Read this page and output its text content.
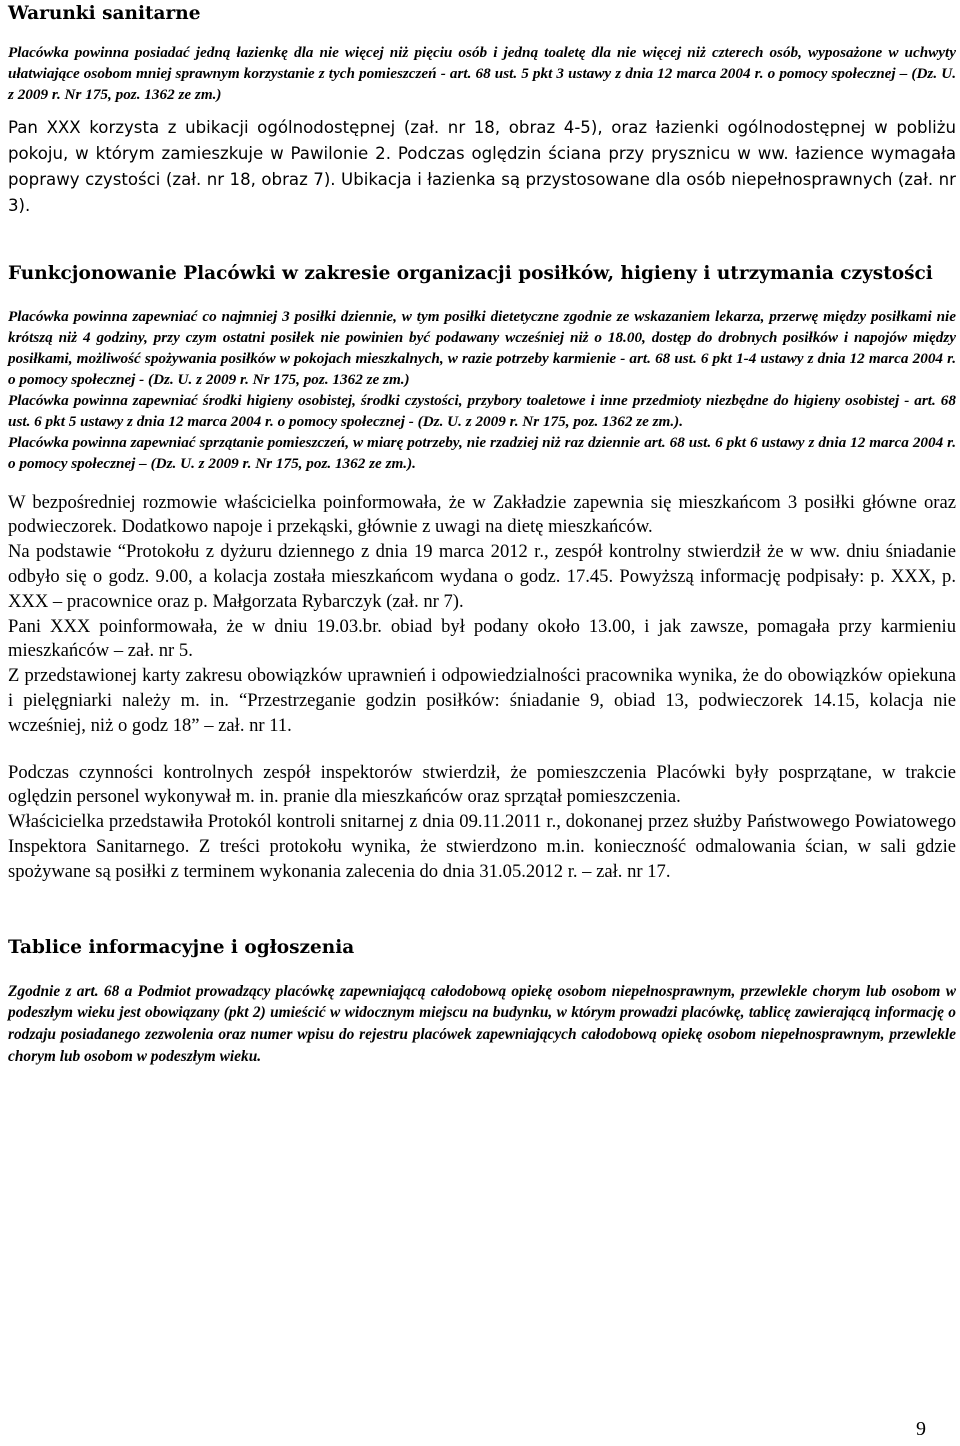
Warunki sanitarne

Placówka powinna posiadać jedną łazienkę dla nie więcej niż pięciu osób i jedną toaletę dla nie więcej niż czterech osób, wyposażone w uchwyty ułatwiające osobom mniej sprawnym korzystanie z tych pomieszczeń - art. 68 ust. 5 pkt 3 ustawy z dnia 12 marca 2004 r. o pomocy społecznej – (Dz. U. z 2009 r. Nr 175, poz. 1362 ze zm.)

Pan XXX korzysta z ubikacji ogólnodostępnej (zał. nr 18, obraz 4-5), oraz łazienki ogólnodostępnej w pobliżu pokoju, w którym zamieszkuje w Pawilonie 2. Podczas oględzin ściana przy prysznicu w ww. łazience wymagała poprawy czystości (zał. nr 18, obraz 7). Ubikacja i łazienka są przystosowane dla osób niepełnosprawnych (zał. nr 3).

Funkcjonowanie Placówki w zakresie organizacji posiłków, higieny i utrzymania czystości

Placówka powinna zapewniać co najmniej 3 posiłki dziennie, w tym posiłki dietetyczne zgodnie ze wskazaniem lekarza, przerwę między posiłkami nie krótszą niż 4 godziny, przy czym ostatni posiłek nie powinien być podawany wcześniej niż o 18.00, dostęp do drobnych posiłków i napojów między posiłkami, możliwość spożywania posiłków w pokojach mieszkalnych, w razie potrzeby karmienie - art. 68 ust. 6 pkt 1-4 ustawy z dnia 12 marca 2004 r. o pomocy społecznej - (Dz. U. z 2009 r. Nr 175, poz. 1362 ze zm.)

Placówka powinna zapewniać środki higieny osobistej, środki czystości, przybory toaletowe i inne przedmioty niezbędne do higieny osobistej - art. 68 ust. 6 pkt 5 ustawy z dnia 12 marca 2004 r. o pomocy społecznej - (Dz. U. z 2009 r. Nr 175, poz. 1362 ze zm.).

Placówka powinna zapewniać sprzątanie pomieszczeń, w miarę potrzeby, nie rzadziej niż raz dziennie art. 68 ust. 6 pkt 6 ustawy z dnia 12 marca 2004 r. o pomocy społecznej – (Dz. U. z 2009 r. Nr 175, poz. 1362 ze zm.).

W bezpośredniej rozmowie właścicielka poinformowała, że w Zakładzie zapewnia się mieszkańcom 3 posiłki główne oraz podwieczorek. Dodatkowo napoje i przekąski, głównie z uwagi na dietę mieszkańców.

Na podstawie “Protokołu z dyżuru dziennego z dnia 19 marca 2012 r., zespół kontrolny stwierdził że w ww. dniu śniadanie odbyło się o godz. 9.00, a kolacja została mieszkańcom wydana o godz. 17.45. Powyższą informację podpisały: p. XXX, p. XXX – pracownice oraz p. Małgorzata Rybarczyk (zał. nr 7).

Pani XXX poinformowała, że w dniu 19.03.br. obiad był podany około 13.00, i jak zawsze, pomagała przy karmieniu mieszkańców – zał. nr 5.

Z przedstawionej karty zakresu obowiązków uprawnień i odpowiedzialności pracownika wynika, że do obowiązków opiekuna i pielęgniarki należy m. in. “Przestrzeganie godzin posiłków: śniadanie 9, obiad 13, podwieczorek 14.15, kolacja nie wcześniej, niż o godz 18” – zał. nr 11.

Podczas czynności kontrolnych zespół inspektorów stwierdził, że pomieszczenia Placówki były posprzątane, w trakcie oględzin personel wykonywał m. in. pranie dla mieszkańców oraz sprzątał pomieszczenia.

Właścicielka przedstawiła Protokól kontroli snitarnej z dnia 09.11.2011 r., dokonanej przez służby Państwowego Powiatowego Inspektora Sanitarnego. Z treści protokołu wynika, że stwierdzono m.in. konieczność odmalowania ścian, w sali gdzie spożywane są posiłki z terminem wykonania zalecenia do dnia 31.05.2012 r. – zał. nr 17.

Tablice informacyjne i ogłoszenia

Zgodnie z art. 68 a Podmiot prowadzący placówkę zapewniającą całodobową opiekę osobom niepełnosprawnym, przewlekle chorym lub osobom w podeszłym wieku jest obowiązany (pkt 2) umieścić w widocznym miejscu na budynku, w którym prowadzi placówkę, tablicę zawierającą informację o rodzaju posiadanego zezwolenia oraz numer wpisu do rejestru placówek zapewniających całodobową opiekę osobom niepełnosprawnym, przewlekle chorym lub osobom w podeszłym wieku.

9
